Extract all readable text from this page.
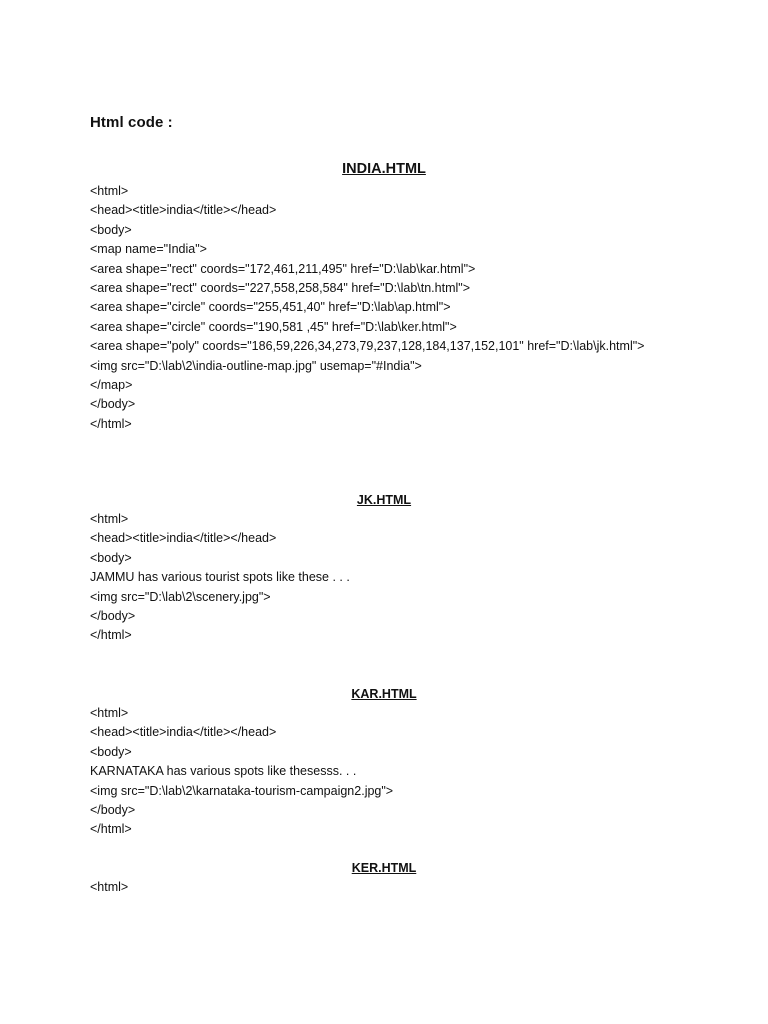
Html code :
INDIA.HTML
<html>
<head><title>india</title></head>
<body>
<map name="India">
<area shape="rect" coords="172,461,211,495" href="D:\lab\kar.html">
<area shape="rect" coords="227,558,258,584" href="D:\lab\tn.html">
<area shape="circle" coords="255,451,40" href="D:\lab\ap.html">
<area shape="circle" coords="190,581 ,45" href="D:\lab\ker.html">
<area shape="poly" coords="186,59,226,34,273,79,237,128,184,137,152,101" href="D:\lab\jk.html">
<img src="D:\lab\2\india-outline-map.jpg" usemap="#India">
</map>
</body>
</html>
JK.HTML
<html>
<head><title>india</title></head>
<body>
JAMMU has various tourist spots like these . . .
<img src="D:\lab\2\scenery.jpg">
</body>
</html>
KAR.HTML
<html>
<head><title>india</title></head>
<body>
KARNATAKA has various spots like thesesss. . .
<img src="D:\lab\2\karnataka-tourism-campaign2.jpg">
</body>
</html>
KER.HTML
<html>
